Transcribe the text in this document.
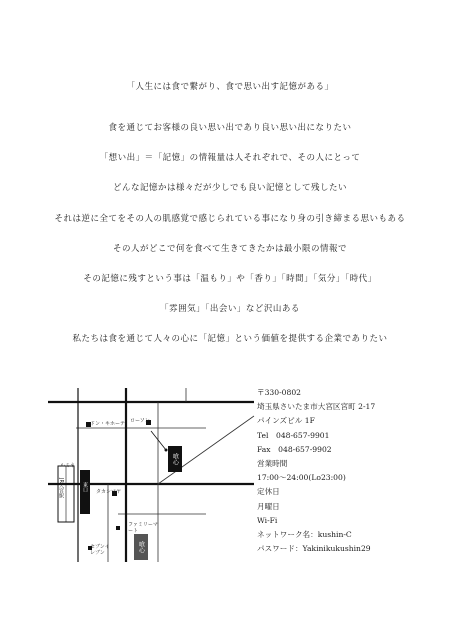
「人生には食で繋がり、食で思い出す記憶がある」
食を通じてお客様の良い思い出であり良い思い出になりたい
「想い出」＝「記憶」の情報量は人それぞれで、その人にとって
どんな記憶かは様々だが少しでも良い記憶として残したい
それは逆に全てをその人の肌感覚で感じられている事になり身の引き締まる思いもある
その人がどこで何を食べて生きてきたかは最小限の情報で
その記憶に残すという事は「温もり」や「香り」「時間」「気分」「時代」
「雰囲気」「出会い」など沢山ある
私たちは食を通じて人々の心に「記憶」という価値を提供する企業でありたい
ドン・キホーテ ローソン
ルミネ
JR大宮駅	東口 タカシマヤ
ファミリーマート
セブンイレブン
喰心
喰心
〒330-0802
埼玉県さいたま市大宮区宮町 2-17
パインズビル 1F
Tel　048-657-9901
Fax　048-657-9902
営業時間
17:00～24:00(Lo23:00)
定休日
月曜日
Wi-Fi
ネットワーク名：kushin-C
パスワード：Yakinikukushin29
